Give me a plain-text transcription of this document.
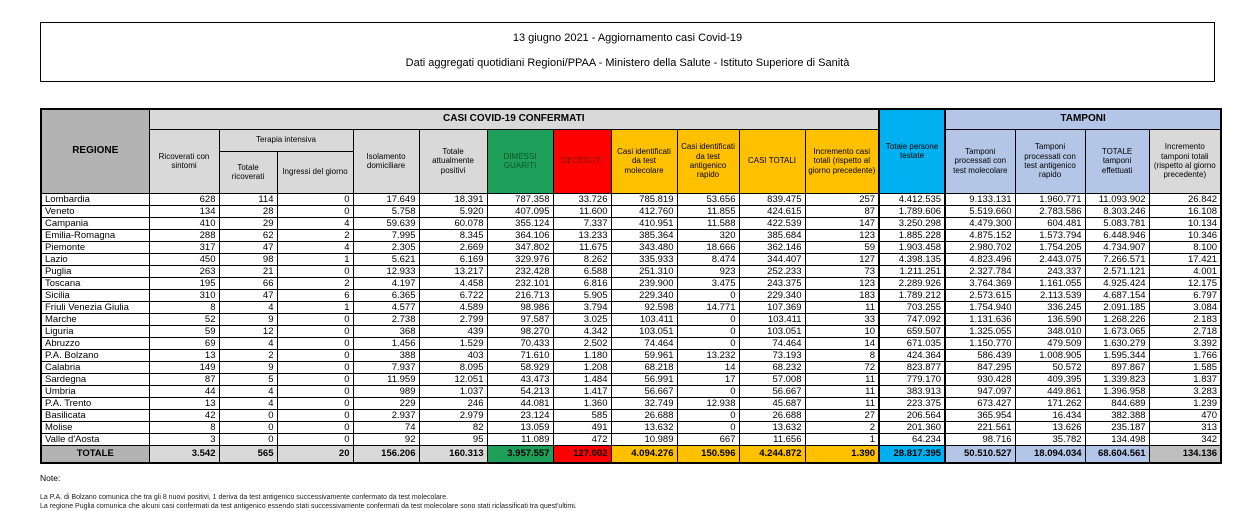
13 giugno 2021 - Aggiornamento casi Covid-19
Dati aggregati quotidiani Regioni/PPAA - Ministero della Salute - Istituto Superiore di Sanità
REGIONE	CASI COVID-19 CONFERMATI											Totale persone testate	TAMPONI			
	Ricoverati con sintomi	Terapia intensiva		Isolamento domiciliare	Totale attualmente positivi	DIMESSI GUARITI	DECEDUTI	Casi identificati da test molecolare	Casi identificati da test antigenico rapido	CASI TOTALI	Incremento casi totali (rispetto al giorno precedente)		Tamponi processati con test molecolare	Tamponi processati con test antigenico rapido	TOTALE tamponi effettuati	Incremento tamponi totali (rispetto al giorno precedente)
		Totale ricoverati	Ingressi del giorno													
Lombardia	628	114	0	17.649	18.391	787.358	33.726	785.819	53.656	839.475	257	4.412.535	9.133.131	1.960.771	11.093.902	26.842
Veneto	134	28	0	5.758	5.920	407.095	11.600	412.760	11.855	424.615	87	1.789.606	5.519.660	2.783.586	8.303.246	16.108
Campania	410	29	4	59.639	60.078	355.124	7.337	410.951	11.588	422.539	147	3.250.298	4.479.300	604.481	5.083.781	10.134
Emilia-Romagna	288	62	2	7.995	8.345	364.106	13.233	385.364	320	385.684	123	1.885.228	4.875.152	1.573.794	6.448.946	10.346
Piemonte	317	47	4	2.305	2.669	347.802	11.675	343.480	18.666	362.146	59	1.903.458	2.980.702	1.754.205	4.734.907	8.100
Lazio	450	98	1	5.621	6.169	329.976	8.262	335.933	8.474	344.407	127	4.398.135	4.823.496	2.443.075	7.266.571	17.421
Puglia	263	21	0	12.933	13.217	232.428	6.588	251.310	923	252.233	73	1.211.251	2.327.784	243.337	2.571.121	4.001
Toscana	195	66	2	4.197	4.458	232.101	6.816	239.900	3.475	243.375	123	2.289.926	3.764.369	1.161.055	4.925.424	12.175
Sicilia	310	47	6	6.365	6.722	216.713	5.905	229.340	0	229.340	183	1.789.212	2.573.615	2.113.539	4.687.154	6.797
Friuli Venezia Giulia	8	4	1	4.577	4.589	98.986	3.794	92.598	14.771	107.369	11	703.255	1.754.940	336.245	2.091.185	3.084
Marche	52	9	0	2.738	2.799	97.587	3.025	103.411	0	103.411	33	747.092	1.131.636	136.590	1.268.226	2.183
Liguria	59	12	0	368	439	98.270	4.342	103.051	0	103.051	10	659.507	1.325.055	348.010	1.673.065	2.718
Abruzzo	69	4	0	1.456	1.529	70.433	2.502	74.464	0	74.464	14	671.035	1.150.770	479.509	1.630.279	3.392
P.A. Bolzano	13	2	0	388	403	71.610	1.180	59.961	13.232	73.193	8	424.364	586.439	1.008.905	1.595.344	1.766
Calabria	149	9	0	7.937	8.095	58.929	1.208	68.218	14	68.232	72	823.877	847.295	50.572	897.867	1.585
Sardegna	87	5	0	11.959	12.051	43.473	1.484	56.991	17	57.008	11	779.170	930.428	409.395	1.339.823	1.837
Umbria	44	4	0	989	1.037	54.213	1.417	56.667	0	56.667	11	383.913	947.097	449.861	1.396.958	3.283
P.A. Trento	13	4	0	229	246	44.081	1.360	32.749	12.938	45.687	11	223.375	673.427	171.262	844.689	1.239
Basilicata	42	0	0	2.937	2.979	23.124	585	26.688	0	26.688	27	206.564	365.954	16.434	382.388	470
Molise	8	0	0	74	82	13.059	491	13.632	0	13.632	2	201.360	221.561	13.626	235.187	313
Valle d'Aosta	3	0	0	92	95	11.089	472	10.989	667	11.656	1	64.234	98.716	35.782	134.498	342
TOTALE	3.542	565	20	156.206	160.313	3.957.557	127.002	4.094.276	150.596	4.244.872	1.390	28.817.395	50.510.527	18.094.034	68.604.561	134.136
Note:
La P.A. di Bolzano comunica che tra gli 8 nuovi positivi, 1 deriva da test antigenico successivamente confermato da test molecolare.
La regione Puglia comunica che alcuni casi confermati da test antigenico essendo stati successivamente confermati da test molecolare sono stati riclassificati tra quest'ultimi.
